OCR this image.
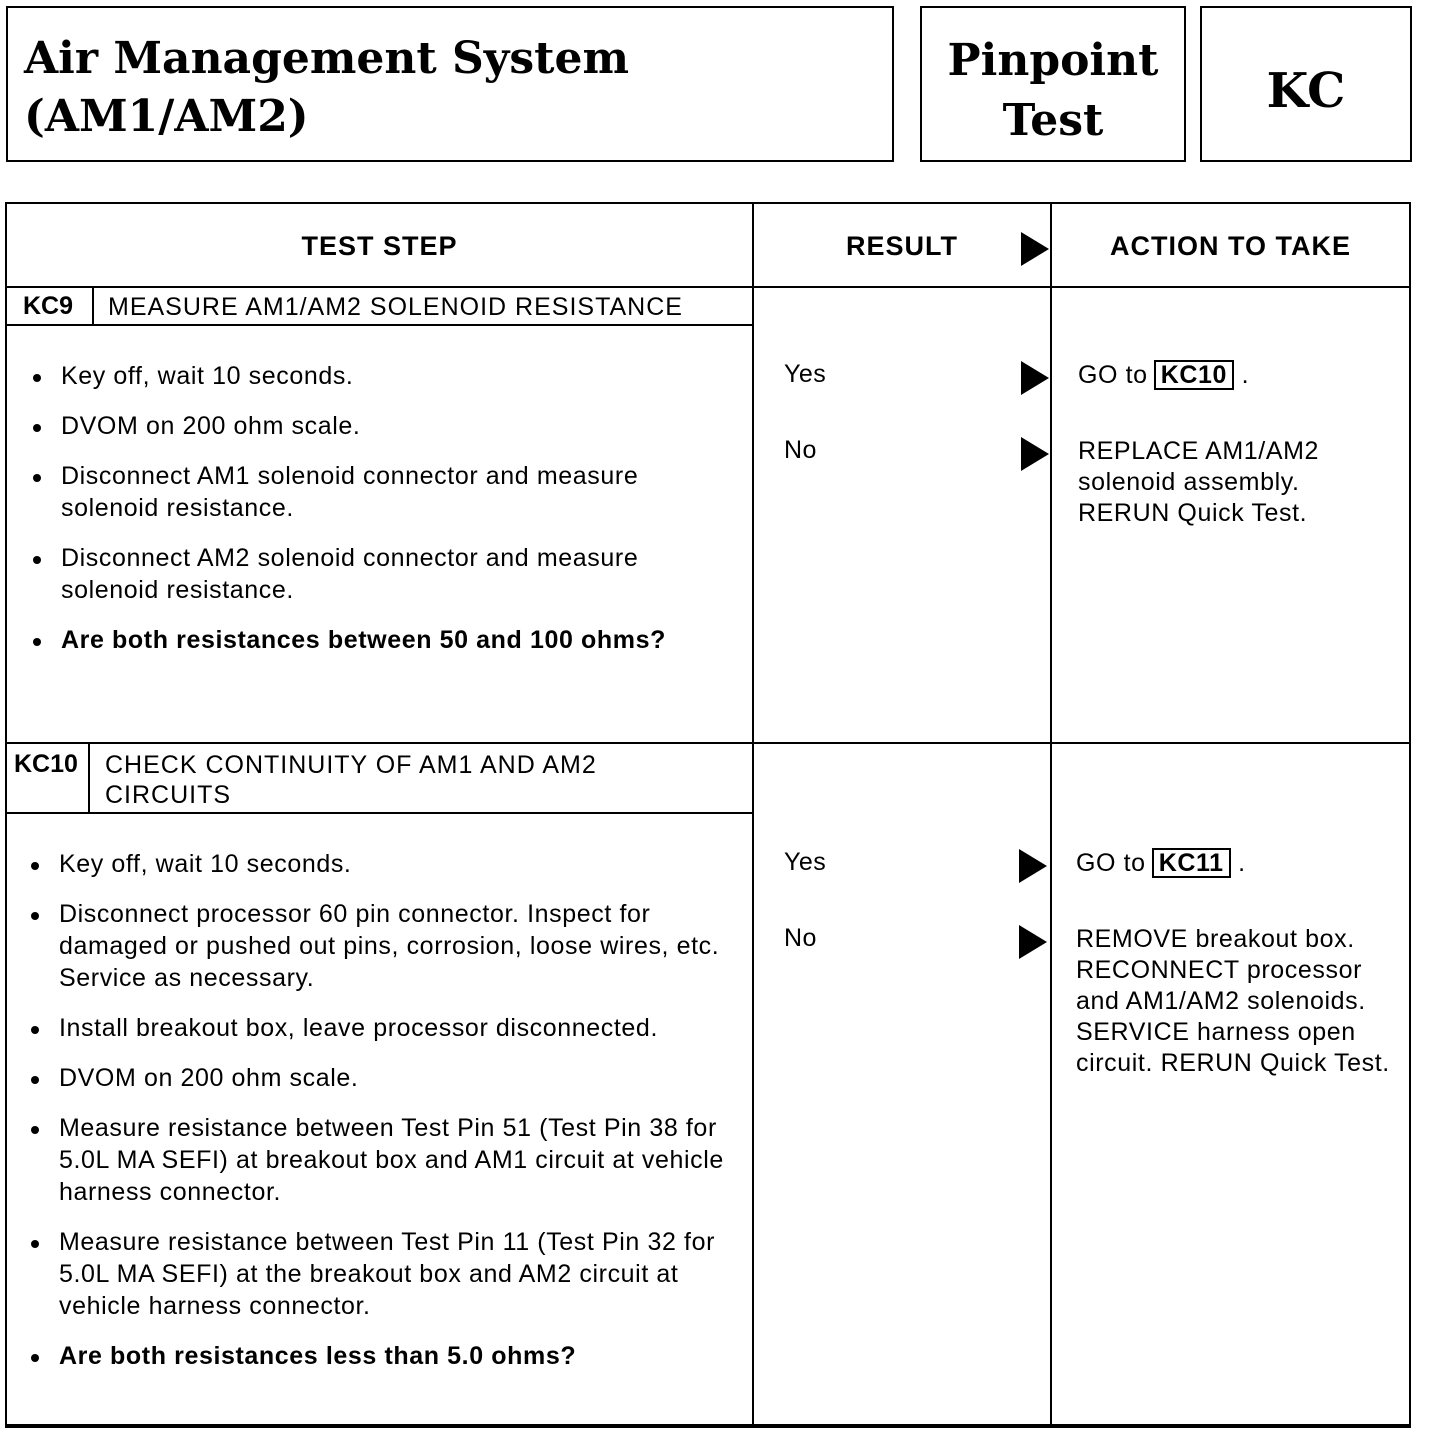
Air Management System
(AM1/AM2)
Pinpoint
Test
KC
TEST STEP	RESULT	ACTION TO TAKE
KC9 MEASURE AM1/AM2 SOLENOID RESISTANCE
Key off, wait 10 seconds.
DVOM on 200 ohm scale.
Disconnect AM1 solenoid connector and measure solenoid resistance.
Disconnect AM2 solenoid connector and measure solenoid resistance.
Are both resistances between 50 and 100 ohms?
Yes	GO to KC10 .
No	REPLACE AM1/AM2 solenoid assembly. RERUN Quick Test.
KC10 CHECK CONTINUITY OF AM1 AND AM2 CIRCUITS
Key off, wait 10 seconds.
Disconnect processor 60 pin connector. Inspect for damaged or pushed out pins, corrosion, loose wires, etc. Service as necessary.
Install breakout box, leave processor disconnected.
DVOM on 200 ohm scale.
Measure resistance between Test Pin 51 (Test Pin 38 for 5.0L MA SEFI) at breakout box and AM1 circuit at vehicle harness connector.
Measure resistance between Test Pin 11 (Test Pin 32 for 5.0L MA SEFI) at the breakout box and AM2 circuit at vehicle harness connector.
Are both resistances less than 5.0 ohms?
Yes	GO to KC11 .
No	REMOVE breakout box. RECONNECT processor and AM1/AM2 solenoids. SERVICE harness open circuit. RERUN Quick Test.
